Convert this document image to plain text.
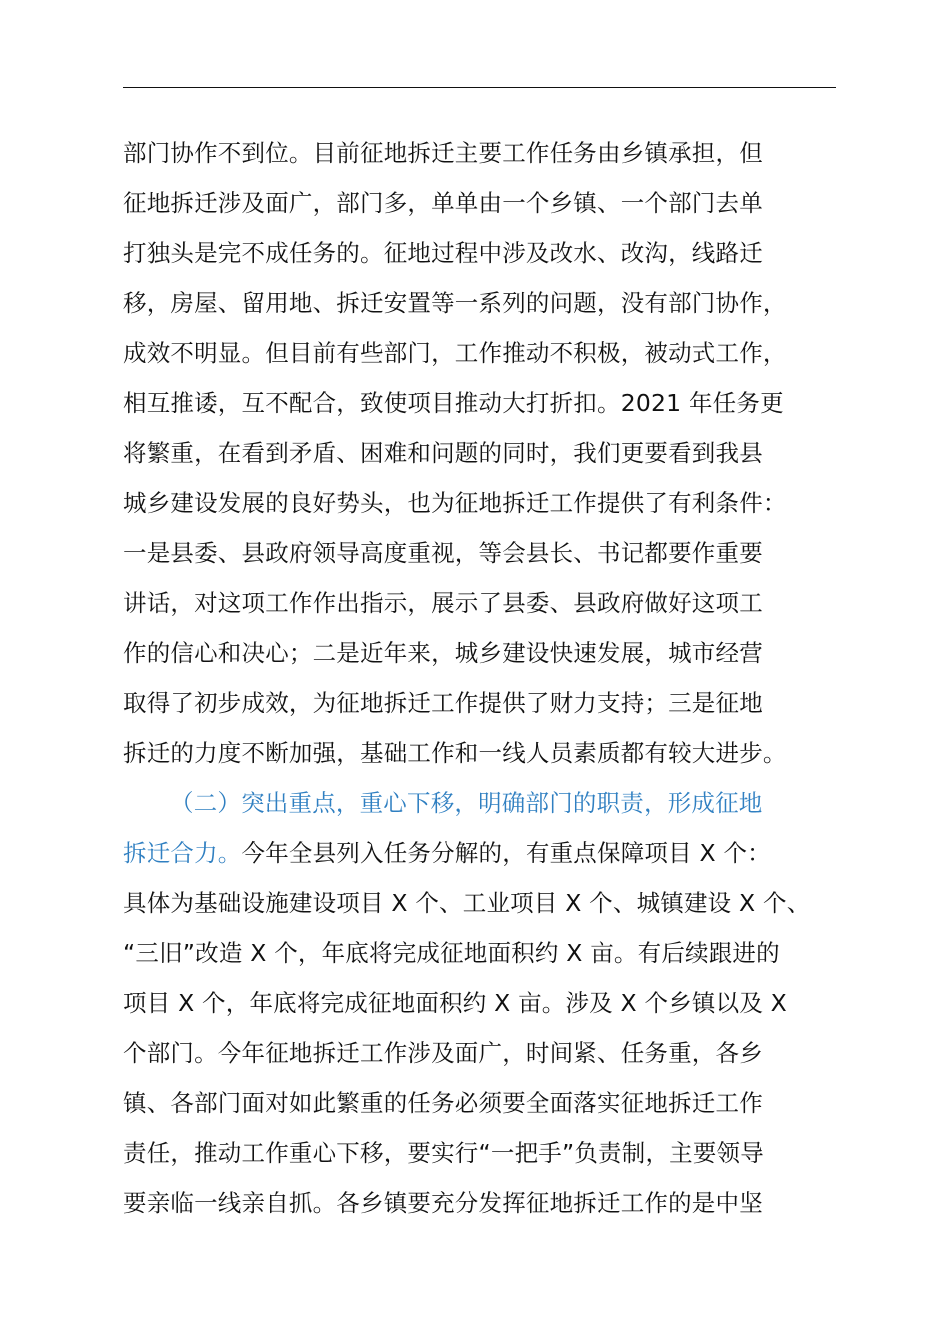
部门协作不到位。目前征地拆迁主要工作任务由乡镇承担，但
征地拆迁涉及面广，部门多，单单由一个乡镇、一个部门去单
打独头是完不成任务的。征地过程中涉及改水、改沟，线路迁
移，房屋、留用地、拆迁安置等一系列的问题，没有部门协作，
成效不明显。但目前有些部门，工作推动不积极，被动式工作，
相互推诿，互不配合，致使项目推动大打折扣。2021 年任务更
将繁重，在看到矛盾、困难和问题的同时，我们更要看到我县
城乡建设发展的良好势头，也为征地拆迁工作提供了有利条件：
一是县委、县政府领导高度重视，等会县长、书记都要作重要
讲话，对这项工作作出指示，展示了县委、县政府做好这项工
作的信心和决心；二是近年来，城乡建设快速发展，城市经营
取得了初步成效，为征地拆迁工作提供了财力支持；三是征地
拆迁的力度不断加强，基础工作和一线人员素质都有较大进步。
（二）突出重点，重心下移，明确部门的职责，形成征地
拆迁合力。今年全县列入任务分解的，有重点保障项目 X 个：
具体为基础设施建设项目 X 个、工业项目 X 个、城镇建设 X 个、
“三旧”改造 X 个，年底将完成征地面积约 X 亩。有后续跟进的
项目 X 个，年底将完成征地面积约 X 亩。涉及 X 个乡镇以及 X
个部门。今年征地拆迁工作涉及面广，时间紧、任务重，各乡
镇、各部门面对如此繁重的任务必须要全面落实征地拆迁工作
责任，推动工作重心下移，要实行“一把手”负责制，主要领导
要亲临一线亲自抓。各乡镇要充分发挥征地拆迁工作的是中坚
